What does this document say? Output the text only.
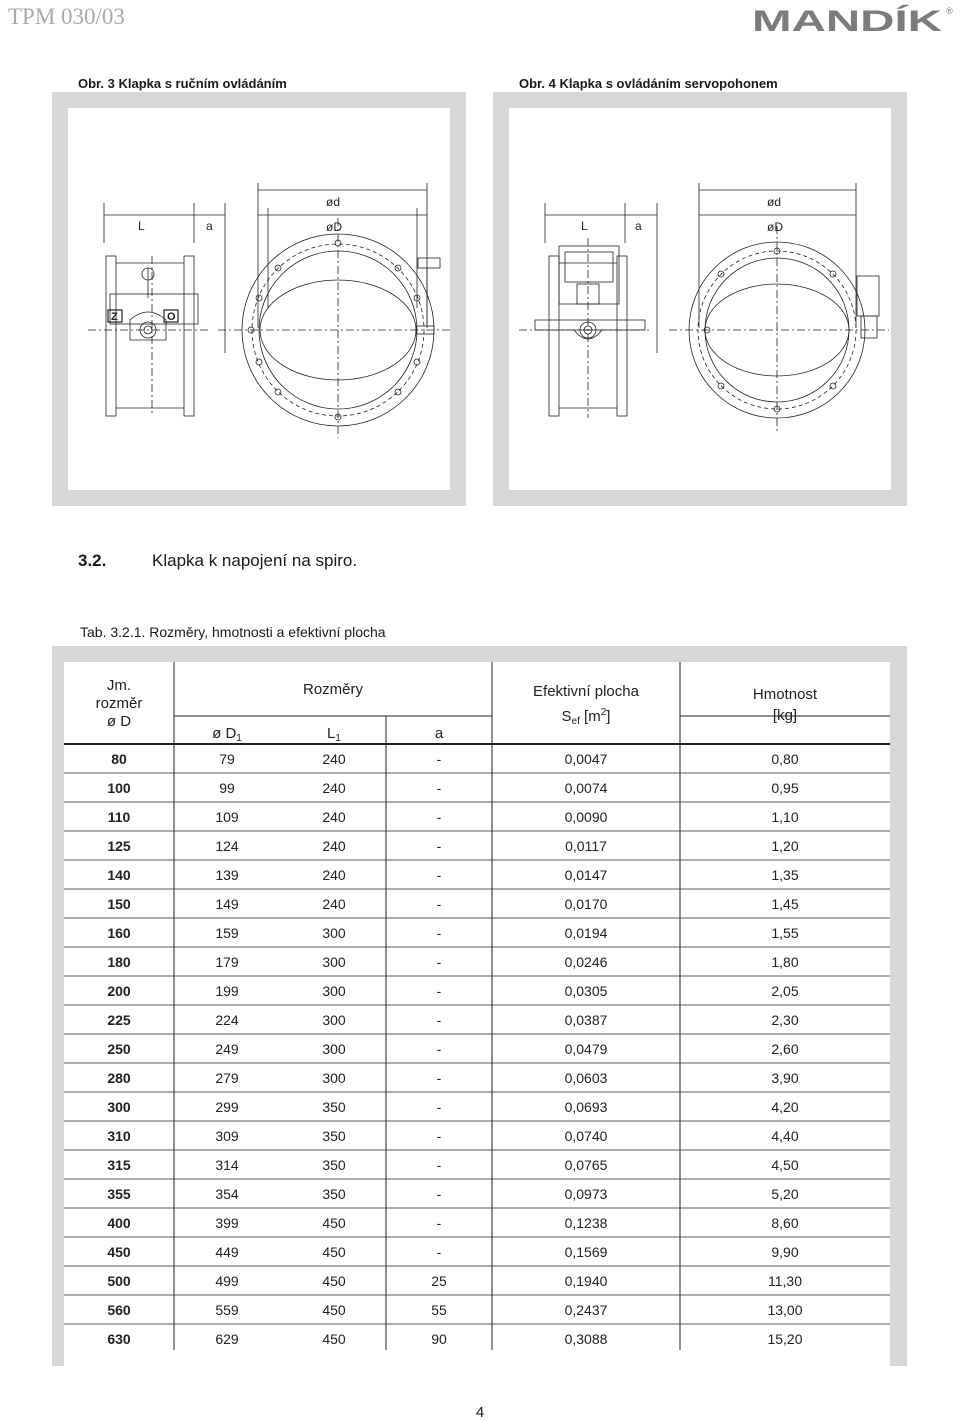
TPM 030/03	MANDÍK	®
Obr. 3 Klapka s ručním ovládáním	Obr. 4 Klapka s ovládáním servopohonem
L	a
ød
øD
Z	O
L	a
ød
øD
3.2.	Klapka k napojení na spiro.
Tab. 3.2.1. Rozměry, hmotnosti a efektivní plocha
Jm.
rozměr
ø D
Rozměry
ø $D_1$	$L_1$	a
Efektivní plocha
$S_{ef}$ $[m^2]$
Hmotnost
[kg]
80	79	240	-	0,0047	0,80
100	99	240	-	0,0074	0,95
110	109	240	-	0,0090	1,10
125	124	240	-	0,0117	1,20
140	139	240	-	0,0147	1,35
150	149	240	-	0,0170	1,45
160	159	300	-	0,0194	1,55
180	179	300	-	0,0246	1,80
200	199	300	-	0,0305	2,05
225	224	300	-	0,0387	2,30
250	249	300	-	0,0479	2,60
280	279	300	-	0,0603	3,90
300	299	350	-	0,0693	4,20
310	309	350	-	0,0740	4,40
315	314	350	-	0,0765	4,50
355	354	350	-	0,0973	5,20
400	399	450	-	0,1238	8,60
450	449	450	-	0,1569	9,90
500	499	450	25	0,1940	11,30
560	559	450	55	0,2437	13,00
630	629	450	90	0,3088	15,20
4
